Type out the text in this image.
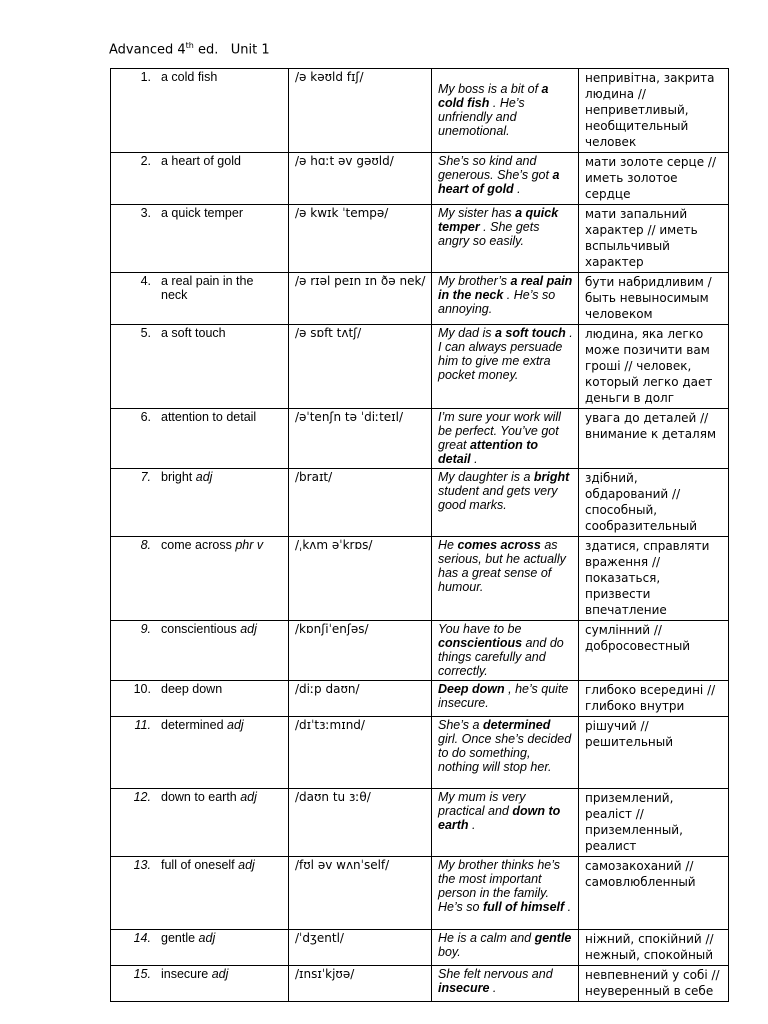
Advanced 4th ed.   Unit 1
1. a cold fish	/ə kəʊld fɪʃ/	My boss is a bit of a cold fish . He’s unfriendly and unemotional.	непривітна, закрита людина // неприветливый, необщительный человек

2. a heart of gold	/ə hɑːt əv gəʊld/	She’s so kind and generous. She’s got a heart of gold .	мати золоте серце // иметь золотое сердце

3. a quick temper	/ə kwɪk ˈtempə/	My sister has a quick temper . She gets angry so easily.	мати запальний характер // иметь вспыльчивый характер

4. a real pain in the neck	/ə rɪəl peɪn ɪn ðə nek/	My brother’s a real pain in the neck . He’s so annoying.	бути набридливим / быть невыносимым человеком

5. a soft touch	/ə sɒft tʌtʃ/	My dad is a soft touch . I can always persuade him to give me extra pocket money.	людина, яка легко може позичити вам гроші // человек, который легко дает деньги в долг

6. attention to detail	/əˈtenʃn tə ˈdiːteɪl/	I’m sure your work will be perfect. You’ve got great attention to detail .	увага до деталей // внимание к деталям

7. bright adj	/braɪt/	My daughter is a bright student and gets very good marks.	здібний, обдарований // способный, сообразительный

8. come across phr v	/ˌkʌm əˈkrɒs/	He comes across as serious, but he actually has a great sense of humour.	здатися, справляти враження // показаться, призвести впечатление

9. conscientious adj	/kɒnʃiˈenʃəs/	You have to be conscientious and do things carefully and correctly.	сумлінний // добросовестный

10. deep down	/diːp daʊn/	Deep down , he’s quite insecure.	глибоко всередині // глибоко внутри

11. determined adj	/dɪˈtɜːmɪnd/	She’s a determined girl. Once she’s decided to do something, nothing will stop her.	рішучий // решительный

12. down to earth adj	/daʊn tu ɜːθ/	My mum is very practical and down to earth .	приземлений, реаліст // приземленный, реалист

13. full of oneself adj	/fʊl əv wʌnˈself/	My brother thinks he’s the most important person in the family. He’s so full of himself .	самозакоханий // самовлюбленный

14. gentle adj	/ˈdʒentl/	He is a calm and gentle boy.	ніжний, спокійний // нежный, спокойный

15. insecure adj	/ɪnsɪˈkjʊə/	She felt nervous and insecure .	невпевнений у собі // неуверенный в себе
